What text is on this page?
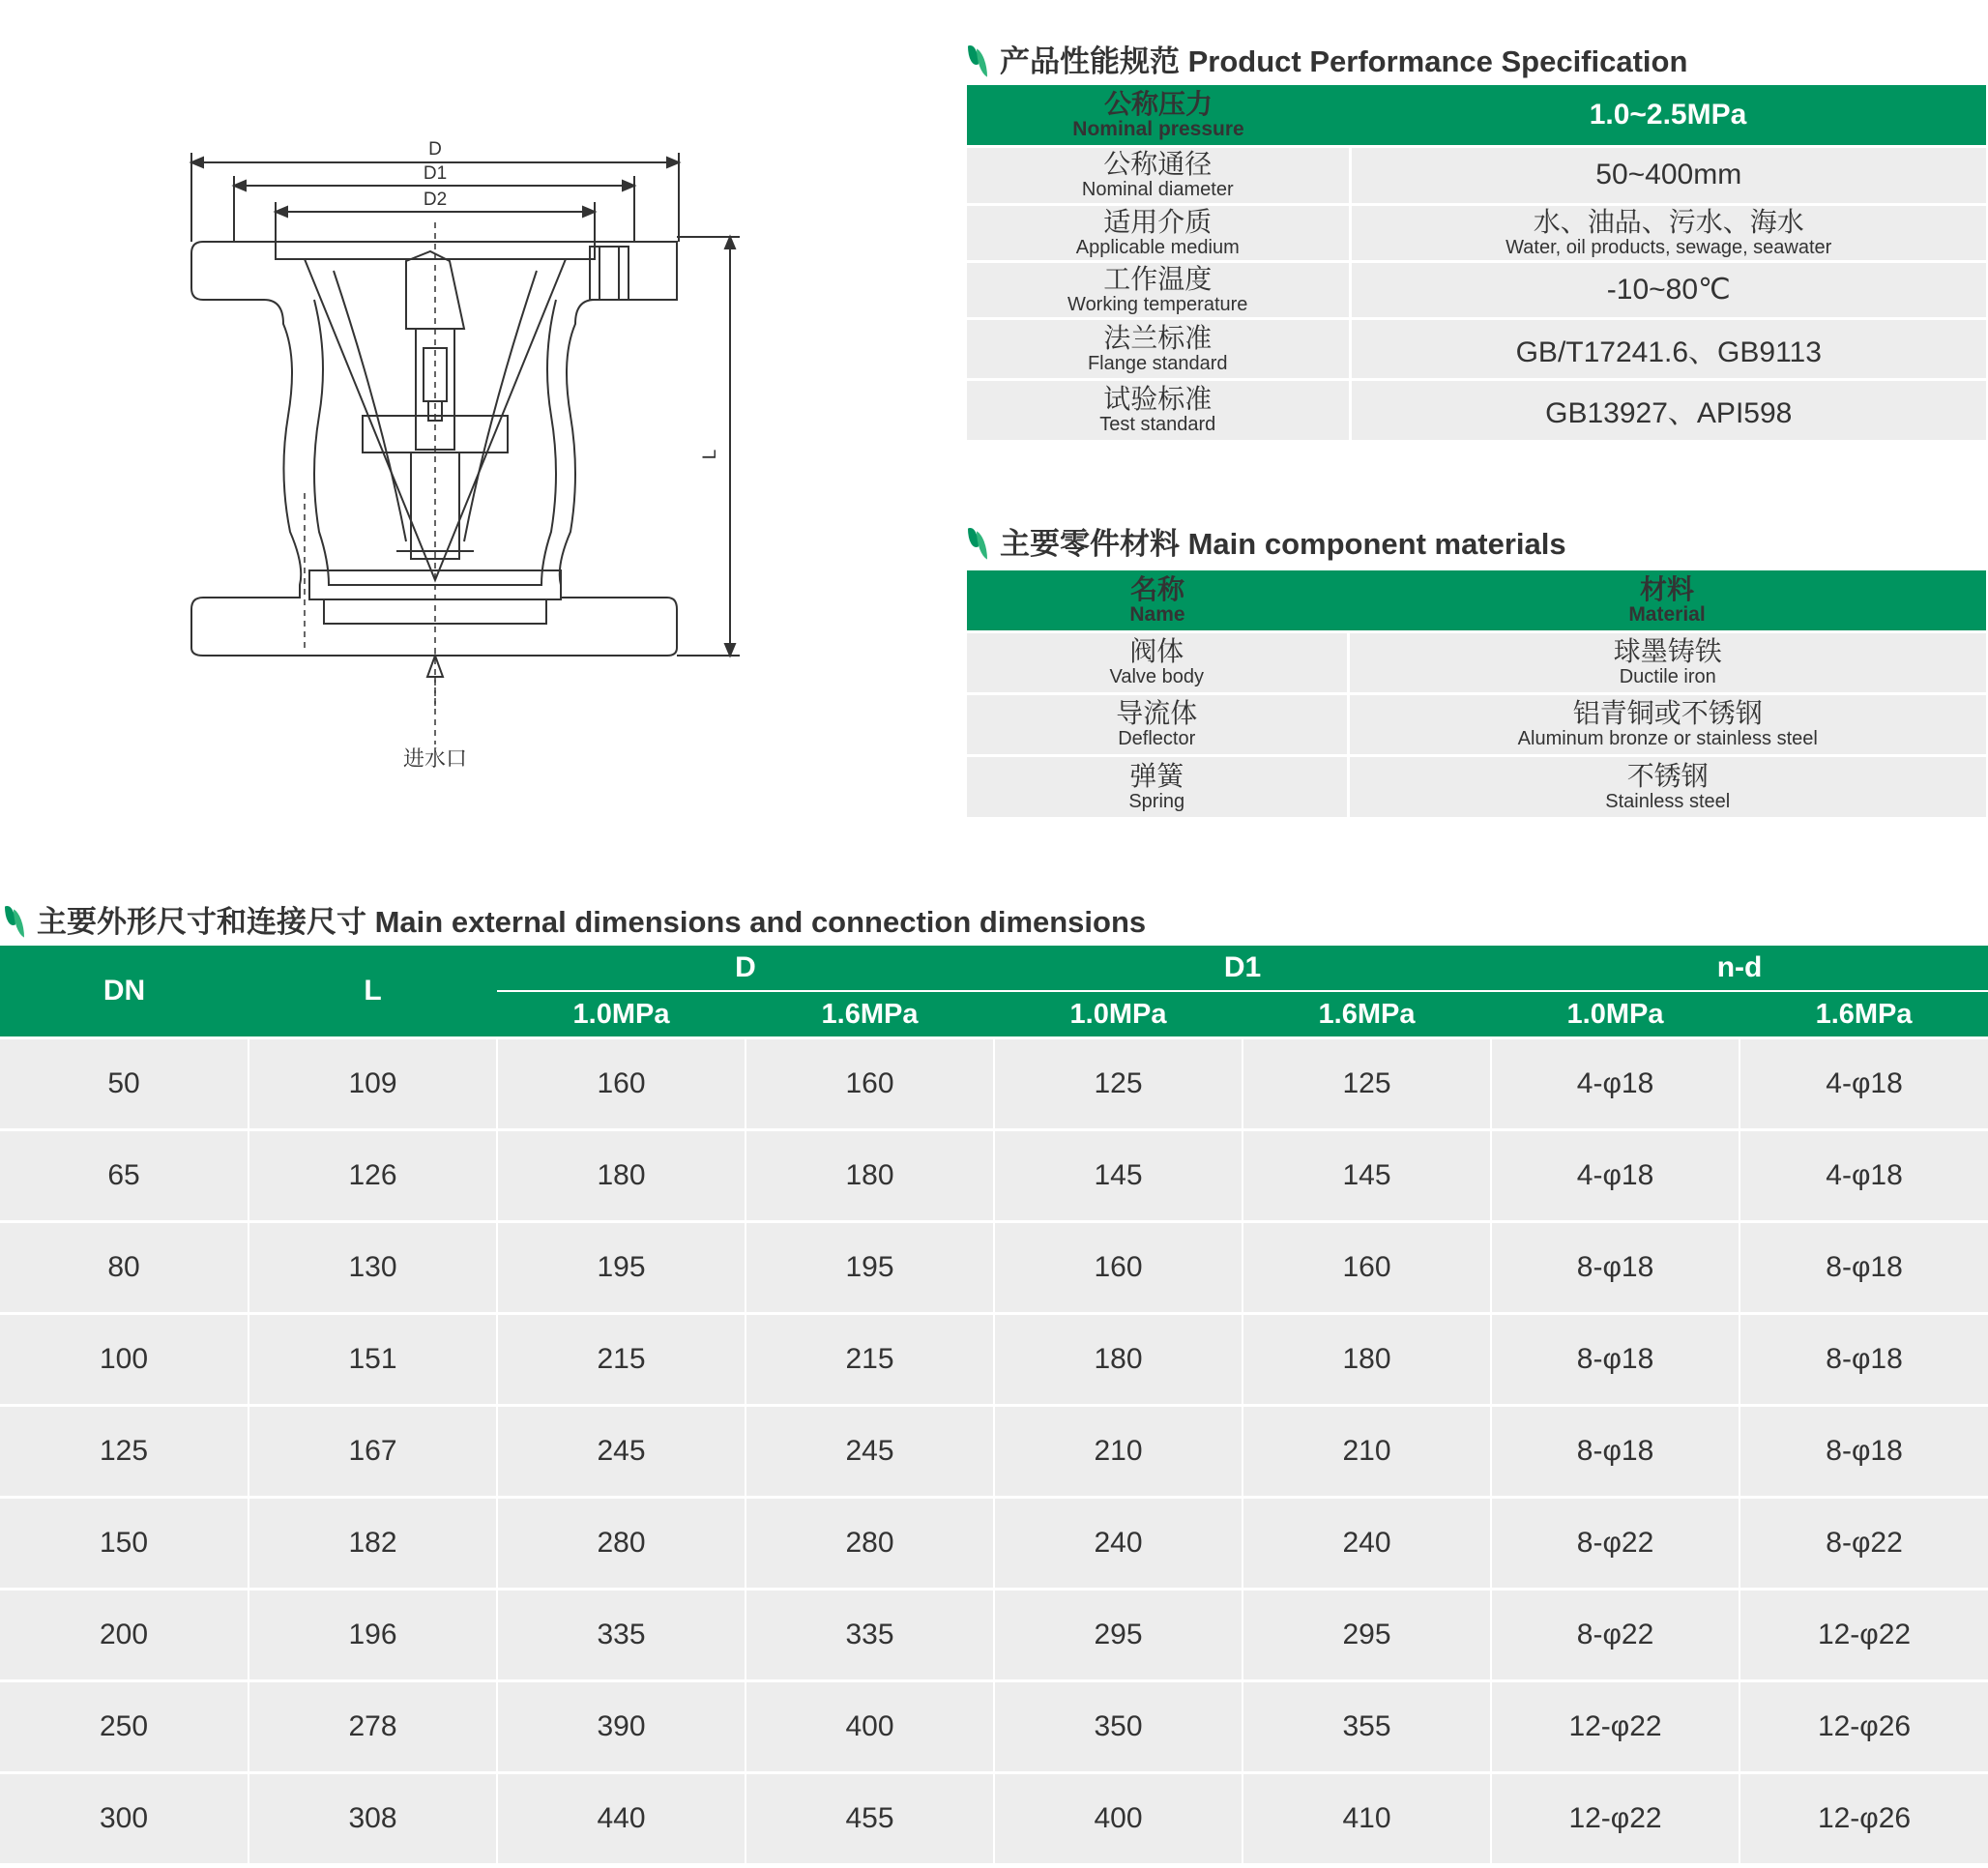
D
D1
D2
L
进水口
产品性能规范 Product Performance Specification
公称压力
Nominal pressure	1.0~2.5MPa

公称通径
Nominal diameter	50~400mm

适用介质
Applicable medium	水、油品、污水、海水
Water, oil products, sewage, seawater

工作温度
Working temperature	-10~80℃

法兰标准
Flange standard	GB/T17241.6、GB9113

试验标准
Test standard	GB13927、API598
主要零件材料 Main component materials
名称
Name	材料
Material

阀体
Valve body	球墨铸铁
Ductile iron

导流体
Deflector	铝青铜或不锈钢
Aluminum bronze or stainless steel

弹簧
Spring	不锈钢
Stainless steel
主要外形尺寸和连接尺寸 Main external dimensions and connection dimensions
DN	L	D		D1		n-d	
		1.0MPa	1.6MPa	1.0MPa	1.6MPa	1.0MPa	1.6MPa
50	109	160	160	125	125	4-φ18	4-φ18
65	126	180	180	145	145	4-φ18	4-φ18
80	130	195	195	160	160	8-φ18	8-φ18
100	151	215	215	180	180	8-φ18	8-φ18
125	167	245	245	210	210	8-φ18	8-φ18
150	182	280	280	240	240	8-φ22	8-φ22
200	196	335	335	295	295	8-φ22	12-φ22
250	278	390	400	350	355	12-φ22	12-φ26
300	308	440	455	400	410	12-φ22	12-φ26
